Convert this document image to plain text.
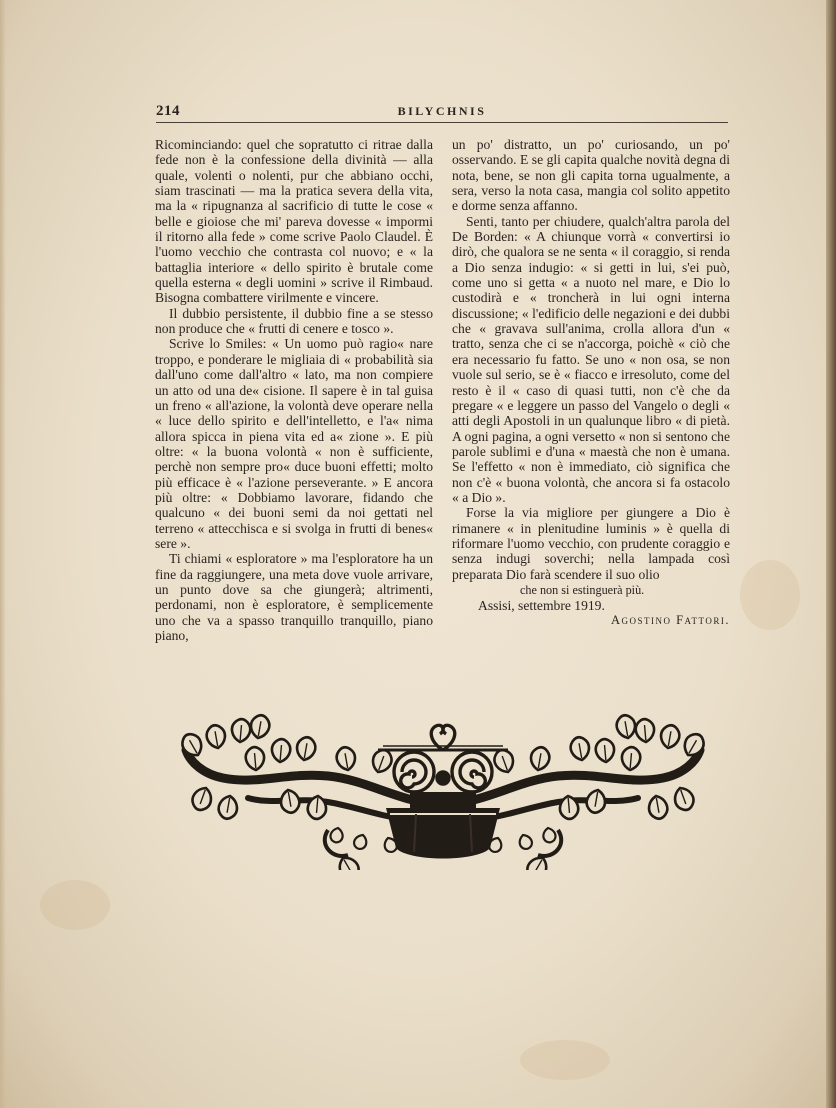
214	BILYCHNIS

Ricominciando: quel che sopratutto ci ritrae dalla fede non è la confessione della divinità — alla quale, volenti o nolenti, pur che abbiano occhi, siam trascinati — ma la pratica severa della vita, ma la « ripugnanza al sacrificio di tutte le cose « belle e gioiose che mi' pareva dovesse « impormi il ritorno alla fede » come scrive Paolo Claudel. È l'uomo vecchio che contrasta col nuovo; e « la battaglia interiore « dello spirito è brutale come quella esterna « degli uomini » scrive il Rimbaud. Bisogna combattere virilmente e vincere.

Il dubbio persistente, il dubbio fine a se stesso non produce che « frutti di cenere e tosco ».

Scrive lo Smiles: « Un uomo può ragio« nare troppo, e ponderare le migliaia di « probabilità sia dall'uno come dall'altro « lato, ma non compiere un atto od una de« cisione. Il sapere è in tal guisa un freno « all'azione, la volontà deve operare nella « luce dello spirito e dell'intelletto, e l'a« nima allora spicca in piena vita ed a« zione ». E più oltre: « la buona volontà « non è sufficiente, perchè non sempre pro« duce buoni effetti; molto più efficace è « l'azione perseverante. » E ancora più oltre: « Dobbiamo lavorare, fidando che qualcuno « dei buoni semi da noi gettati nel terreno « attecchisca e si svolga in frutti di benes« sere ».

Ti chiami « esploratore » ma l'esploratore ha un fine da raggiungere, una meta dove vuole arrivare, un punto dove sa che giungerà; altrimenti, perdonami, non è esploratore, è semplicemente uno che va a spasso tranquillo tranquillo, piano piano,

un po' distratto, un po' curiosando, un po' osservando. E se gli capita qualche novità degna di nota, bene, se non gli capita torna ugualmente, a sera, verso la nota casa, mangia col solito appetito e dorme senza affanno.

Senti, tanto per chiudere, qualch'altra parola del De Borden: « A chiunque vorrà « convertirsi io dirò, che qualora se ne senta « il coraggio, si renda a Dio senza indugio: « si getti in lui, s'ei può, come uno si getta « a nuoto nel mare, e Dio lo custodirà e « troncherà in lui ogni interna discussione; « l'edificio delle negazioni e dei dubbi che « gravava sull'anima, crolla allora d'un « tratto, senza che ci se n'accorga, poichè « ciò che era necessario fu fatto. Se uno « non osa, se non vuole sul serio, se è « fiacco e irresoluto, come del resto è il « caso di quasi tutti, non c'è che da pregare « e leggere un passo del Vangelo o degli « atti degli Apostoli in un qualunque libro « di pietà. A ogni pagina, a ogni versetto « non si sentono che parole sublimi e d'una « maestà che non è umana. Se l'effetto « non è immediato, ciò significa che non c'è « buona volontà, che ancora si fa ostacolo « a Dio ».

Forse la via migliore per giungere a Dio è rimanere « in plenitudine luminis » è quella di riformare l'uomo vecchio, con prudente coraggio e senza indugi soverchi; nella lampada così preparata Dio farà scendere il suo olio

che non si estinguerà più.

Assisi, settembre 1919.

Agostino Fattori.
